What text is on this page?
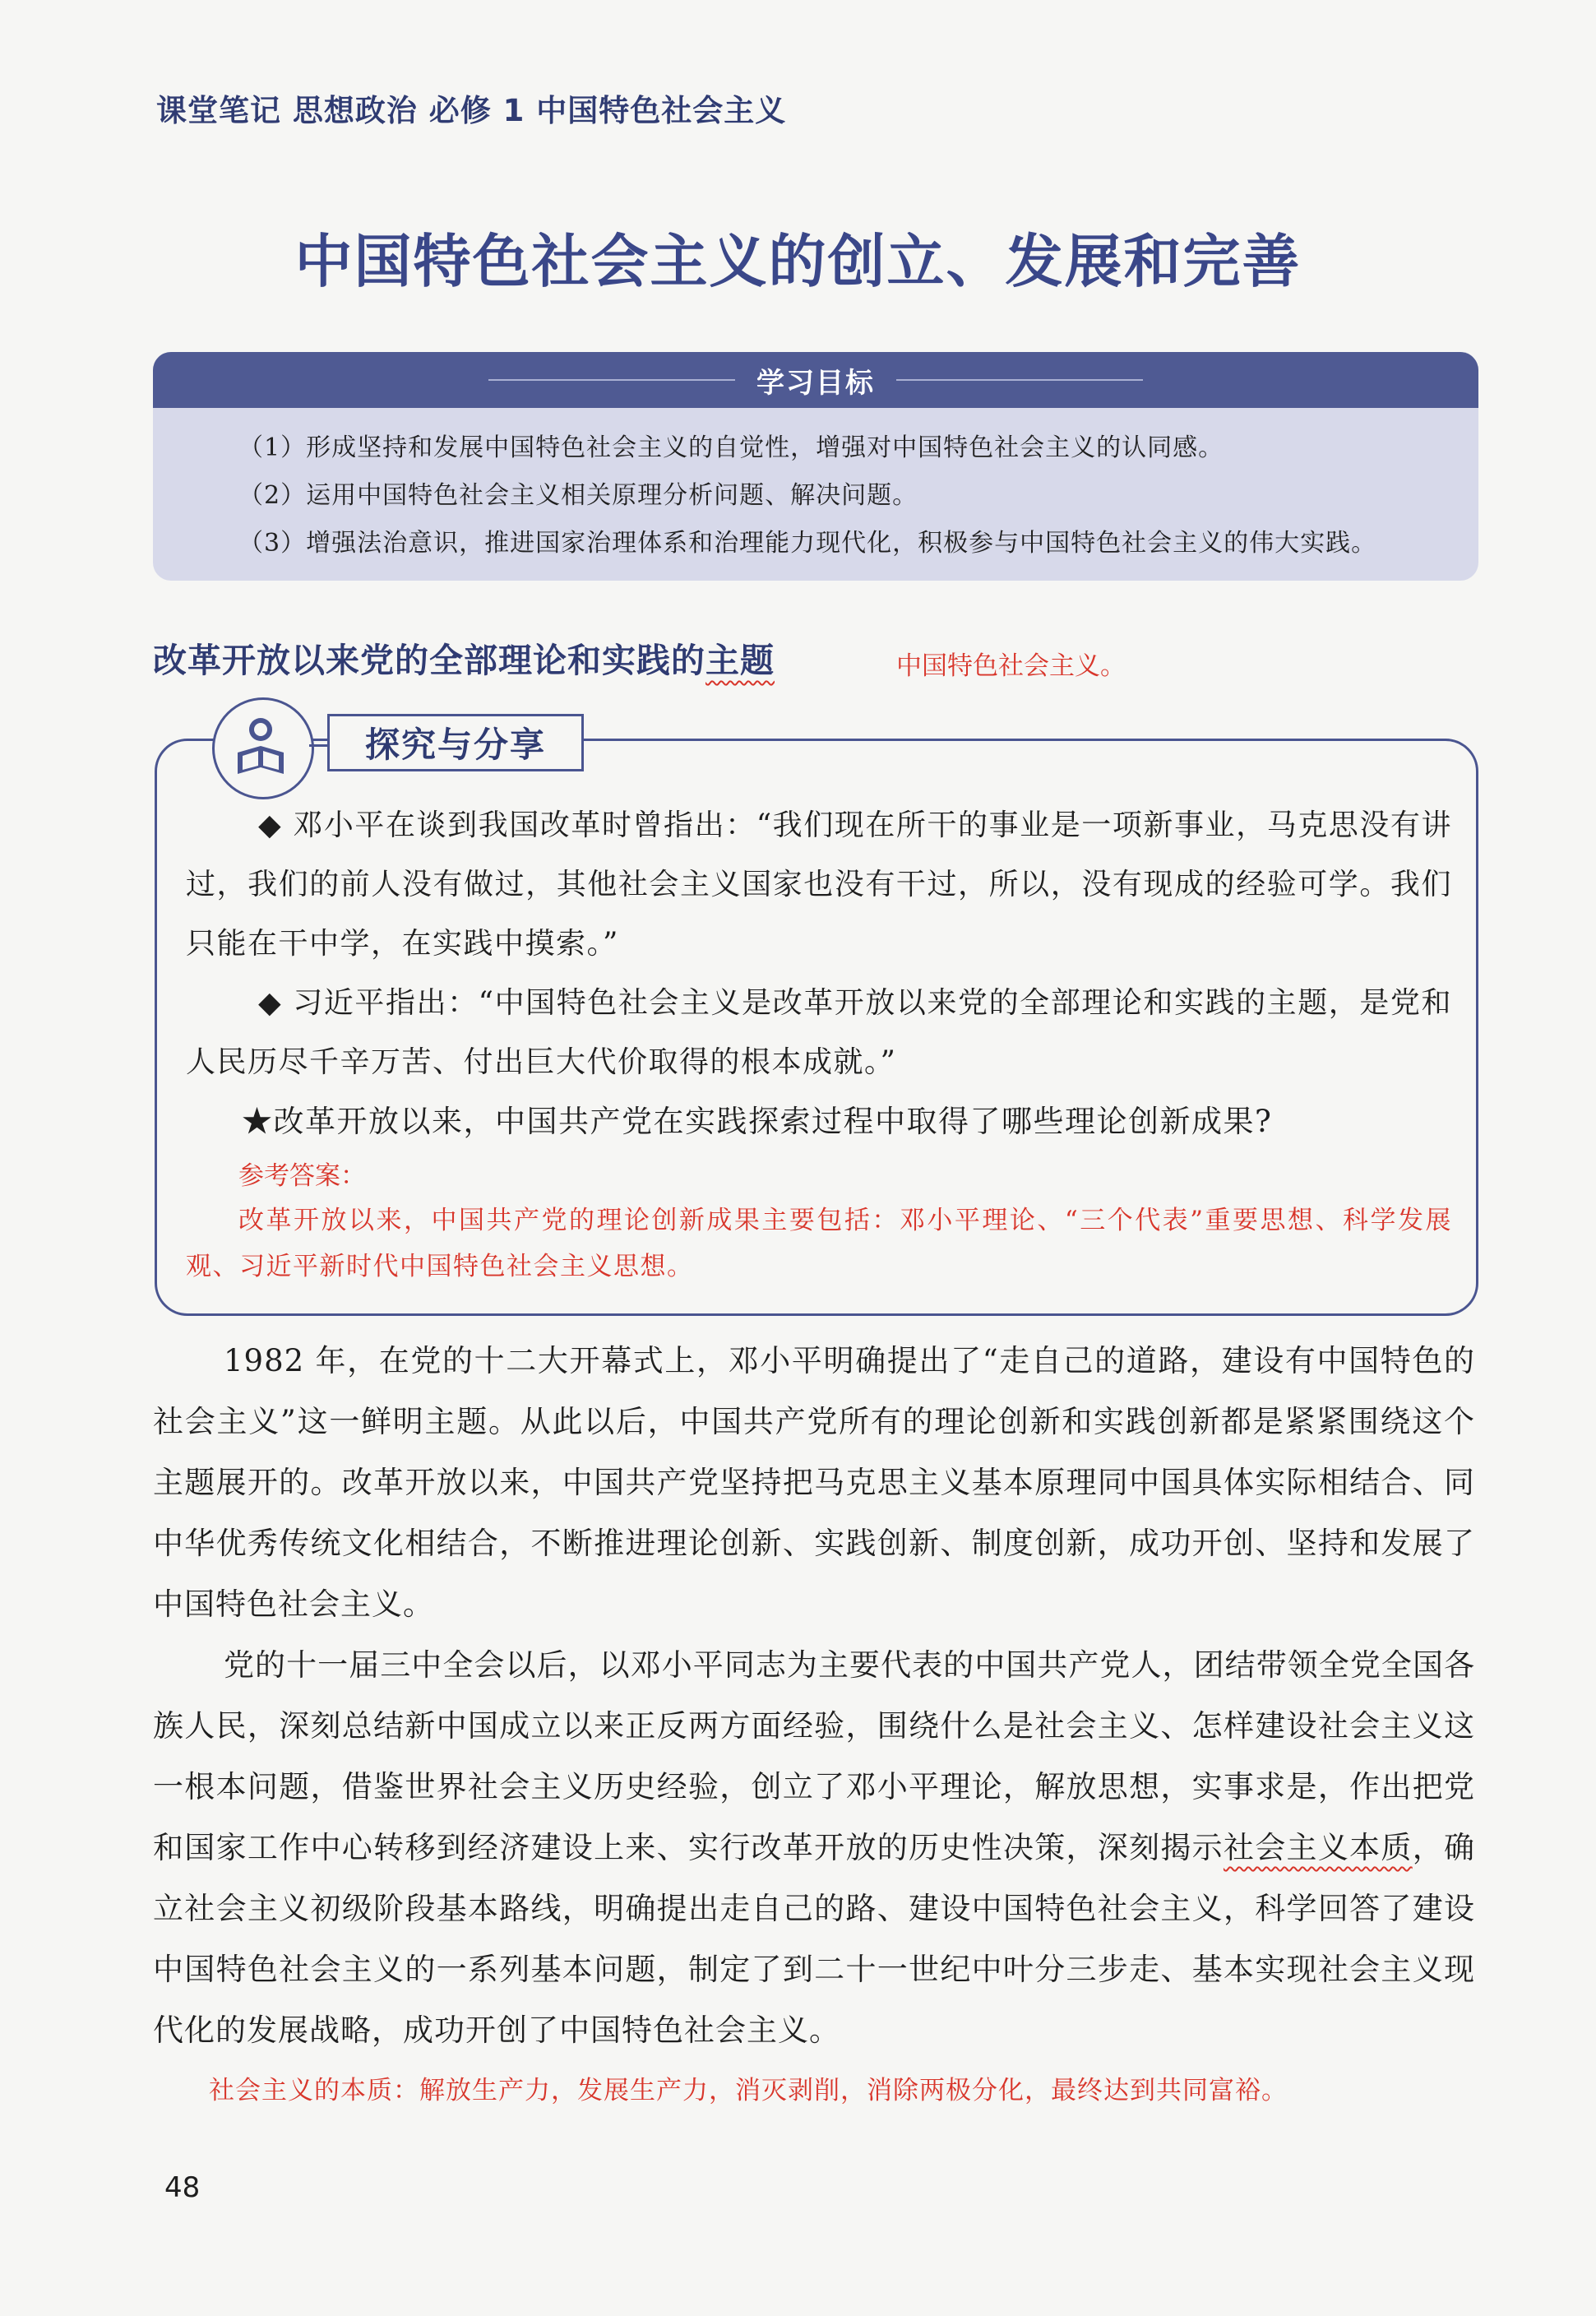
课堂笔记 思想政治 必修 1 中国特色社会主义
中国特色社会主义的创立、发展和完善
学习目标
（1）形成坚持和发展中国特色社会主义的自觉性，增强对中国特色社会主义的认同感。
（2）运用中国特色社会主义相关原理分析问题、解决问题。
（3）增强法治意识，推进国家治理体系和治理能力现代化，积极参与中国特色社会主义的伟大实践。
改革开放以来党的全部理论和实践的主题	中国特色社会主义。
探究与分享

◆ 邓小平在谈到我国改革时曾指出：“我们现在所干的事业是一项新事业，马克思没有讲过，我们的前人没有做过，其他社会主义国家也没有干过，所以，没有现成的经验可学。我们只能在干中学，在实践中摸索。”

◆ 习近平指出：“中国特色社会主义是改革开放以来党的全部理论和实践的主题，是党和人民历尽千辛万苦、付出巨大代价取得的根本成就。”

★改革开放以来，中国共产党在实践探索过程中取得了哪些理论创新成果?

参考答案：

改革开放以来，中国共产党的理论创新成果主要包括：邓小平理论、“三个代表”重要思想、科学发展观、习近平新时代中国特色社会主义思想。

1982 年，在党的十二大开幕式上，邓小平明确提出了“走自己的道路，建设有中国特色的社会主义”这一鲜明主题。从此以后，中国共产党所有的理论创新和实践创新都是紧紧围绕这个主题展开的。改革开放以来，中国共产党坚持把马克思主义基本原理同中国具体实际相结合、同中华优秀传统文化相结合，不断推进理论创新、实践创新、制度创新，成功开创、坚持和发展了中国特色社会主义。

党的十一届三中全会以后，以邓小平同志为主要代表的中国共产党人，团结带领全党全国各族人民，深刻总结新中国成立以来正反两方面经验，围绕什么是社会主义、怎样建设社会主义这一根本问题，借鉴世界社会主义历史经验，创立了邓小平理论，解放思想，实事求是，作出把党和国家工作中心转移到经济建设上来、实行改革开放的历史性决策，深刻揭示社会主义本质，确立社会主义初级阶段基本路线，明确提出走自己的路、建设中国特色社会主义，科学回答了建设中国特色社会主义的一系列基本问题，制定了到二十一世纪中叶分三步走、基本实现社会主义现代化的发展战略，成功开创了中国特色社会主义。

社会主义的本质：解放生产力，发展生产力，消灭剥削，消除两极分化，最终达到共同富裕。
48
